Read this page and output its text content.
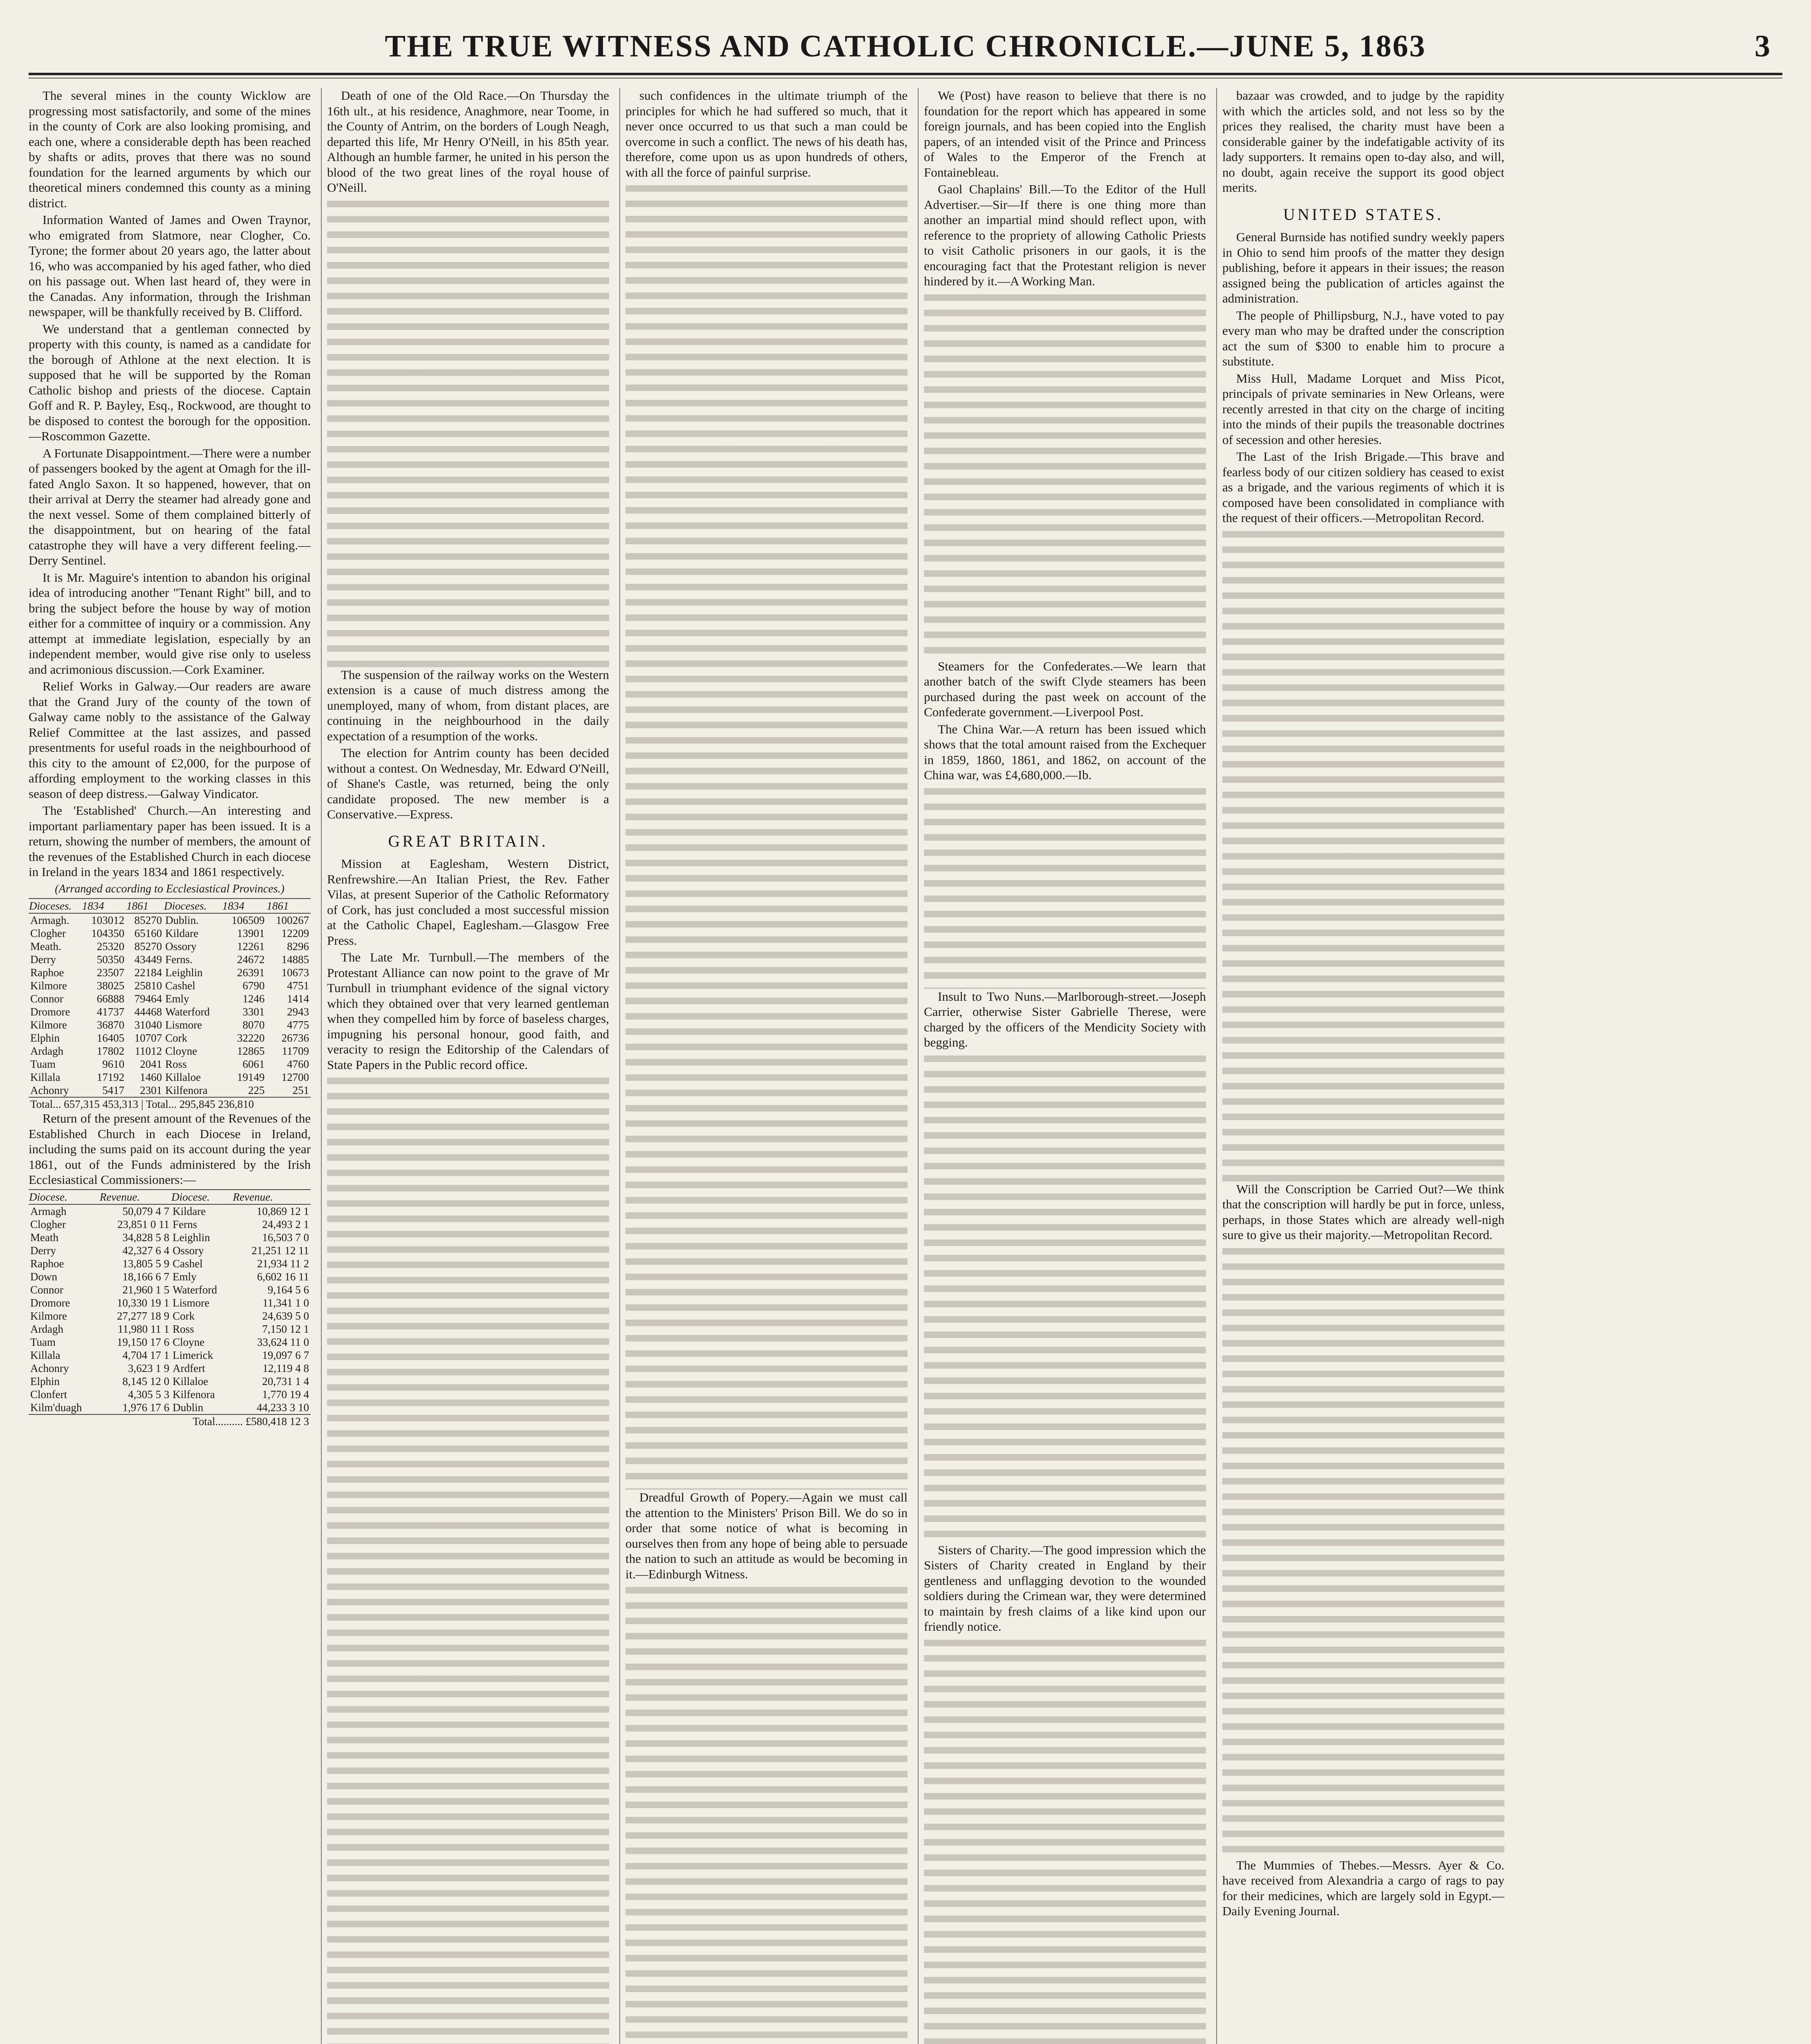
THE TRUE WITNESS AND CATHOLIC CHRONICLE.—JUNE 5, 1863	3

The several mines in the county Wicklow are progressing most satisfactorily, and some of the mines in the county of Cork are also looking promising, and each one, where a considerable depth has been reached by shafts or adits, proves that there was no sound foundation for the learned arguments by which our theoretical miners condemned this county as a mining district.

Information Wanted of James and Owen Traynor, who emigrated from Slatmore, near Clogher, Co. Tyrone; the former about 20 years ago, the latter about 16, who was accompanied by his aged father, who died on his passage out. When last heard of, they were in the Canadas. Any information, through the Irishman newspaper, will be thankfully received by B. Clifford.

We understand that a gentleman connected by property with this county, is named as a candidate for the borough of Athlone at the next election. It is supposed that he will be supported by the Roman Catholic bishop and priests of the diocese. Captain Goff and R. P. Bayley, Esq., Rockwood, are thought to be disposed to contest the borough for the opposition.—Roscommon Gazette.

A Fortunate Disappointment.—There were a number of passengers booked by the agent at Omagh for the ill-fated Anglo Saxon. It so happened, however, that on their arrival at Derry the steamer had already gone and the next vessel. Some of them complained bitterly of the disappointment, but on hearing of the fatal catastrophe they will have a very different feeling.—Derry Sentinel.

It is Mr. Maguire's intention to abandon his original idea of introducing another "Tenant Right" bill, and to bring the subject before the house by way of motion either for a committee of inquiry or a commission. Any attempt at immediate legislation, especially by an independent member, would give rise only to useless and acrimonious discussion.—Cork Examiner.

Relief Works in Galway.—Our readers are aware that the Grand Jury of the county of the town of Galway came nobly to the assistance of the Galway Relief Committee at the last assizes, and passed presentments for useful roads in the neighbourhood of this city to the amount of £2,000, for the purpose of affording employment to the working classes in this season of deep distress.—Galway Vindicator.

The 'Established' Church.—An interesting and important parliamentary paper has been issued. It is a return, showing the number of members, the amount of the revenues of the Established Church in each diocese in Ireland in the years 1834 and 1861 respectively.

(Arranged according to Ecclesiastical Provinces.)
Dioceses.	1834	1861	Dioceses.	1834	1861
Armagh.	103012	85270	Dublin.	106509	100267
Clogher	104350	65160	Kildare	13901	12209
Meath.	25320	85270	Ossory	12261	8296
Derry	50350	43449	Ferns.	24672	14885
Raphoe	23507	22184	Leighlin	26391	10673
Kilmore	38025	25810	Cashel	6790	4751
Connor	66888	79464	Emly	1246	1414
Dromore	41737	44468	Waterford	3301	2943
Kilmore	36870	31040	Lismore	8070	4775
Elphin	16405	10707	Cork	32220	26736
Ardagh	17802	11012	Cloyne	12865	11709
Tuam	9610	2041	Ross	6061	4760
Killala	17192	1460	Killaloe	19149	12700
Achonry	5417	2301	Kilfenora	225	251
Total... 657,315 453,313 | Total... 295,845 236,810					

Return of the present amount of the Revenues of the Established Church in each Diocese in Ireland, including the sums paid on its account during the year 1861, out of the Funds administered by the Irish Ecclesiastical Commissioners:—

Diocese.	Revenue.	Diocese.	Revenue.
Armagh	50,079 4 7	Kildare	10,869 12 1
Clogher	23,851 0 11	Ferns	24,493 2 1
Meath	34,828 5 8	Leighlin	16,503 7 0
Derry	42,327 6 4	Ossory	21,251 12 11
Raphoe	13,805 5 9	Cashel	21,934 11 2
Down	18,166 6 7	Emly	6,602 16 11
Connor	21,960 1 5	Waterford	9,164 5 6
Dromore	10,330 19 1	Lismore	11,341 1 0
Kilmore	27,277 18 9	Cork	24,639 5 0
Ardagh	11,980 11 1	Ross	7,150 12 1
Tuam	19,150 17 6	Cloyne	33,624 11 0
Killala	4,704 17 1	Limerick	19,097 6 7
Achonry	3,623 1 9	Ardfert	12,119 4 8
Elphin	8,145 12 0	Killaloe	20,731 1 4
Clonfert	4,305 5 3	Kilfenora	1,770 19 4
Kilm'duagh	1,976 17 6	Dublin	44,233 3 10
Total.......... £580,418 12 3			

Death of one of the Old Race.—On Thursday the 16th ult., at his residence, Anaghmore, near Toome, in the County of Antrim, on the borders of Lough Neagh, departed this life, Mr Henry O'Neill, in his 85th year. Although an humble farmer, he united in his person the blood of the two great lines of the royal house of O'Neill.

The suspension of the railway works on the Western extension is a cause of much distress among the unemployed, many of whom, from distant places, are continuing in the neighbourhood in the daily expectation of a resumption of the works.

The election for Antrim county has been decided without a contest. On Wednesday, Mr. Edward O'Neill, of Shane's Castle, was returned, being the only candidate proposed. The new member is a Conservative.—Express.

GREAT BRITAIN.

Mission at Eaglesham, Western District, Renfrewshire.—An Italian Priest, the Rev. Father Vilas, at present Superior of the Catholic Reformatory of Cork, has just concluded a most successful mission at the Catholic Chapel, Eaglesham.—Glasgow Free Press.

The Late Mr. Turnbull.—The members of the Protestant Alliance can now point to the grave of Mr Turnbull in triumphant evidence of the signal victory which they obtained over that very learned gentleman when they compelled him by force of baseless charges, impugning his personal honour, good faith, and veracity to resign the Editorship of the Calendars of State Papers in the Public record office.

such confidences in the ultimate triumph of the principles for which he had suffered so much, that it never once occurred to us that such a man could be overcome in such a conflict. The news of his death has, therefore, come upon us as upon hundreds of others, with all the force of painful surprise.

Dreadful Growth of Popery.—Again we must call the attention to the Ministers' Prison Bill. We do so in order that some notice of what is becoming in ourselves then from any hope of being able to persuade the nation to such an attitude as would be becoming in it.—Edinburgh Witness.

We (Post) have reason to believe that there is no foundation for the report which has appeared in some foreign journals, and has been copied into the English papers, of an intended visit of the Prince and Princess of Wales to the Emperor of the French at Fontainebleau.

Gaol Chaplains' Bill.—To the Editor of the Hull Advertiser.—Sir—If there is one thing more than another an impartial mind should reflect upon, with reference to the propriety of allowing Catholic Priests to visit Catholic prisoners in our gaols, it is the encouraging fact that the Protestant religion is never hindered by it.—A Working Man.

Steamers for the Confederates.—We learn that another batch of the swift Clyde steamers has been purchased during the past week on account of the Confederate government.—Liverpool Post.

The China War.—A return has been issued which shows that the total amount raised from the Exchequer in 1859, 1860, 1861, and 1862, on account of the China war, was £4,680,000.—Ib.

Insult to Two Nuns.—Marlborough-street.—Joseph Carrier, otherwise Sister Gabrielle Therese, were charged by the officers of the Mendicity Society with begging.

Sisters of Charity.—The good impression which the Sisters of Charity created in England by their gentleness and unflagging devotion to the wounded soldiers during the Crimean war, they were determined to maintain by fresh claims of a like kind upon our friendly notice.

bazaar was crowded, and to judge by the rapidity with which the articles sold, and not less so by the prices they realised, the charity must have been a considerable gainer by the indefatigable activity of its lady supporters. It remains open to-day also, and will, no doubt, again receive the support its good object merits.

UNITED STATES.

General Burnside has notified sundry weekly papers in Ohio to send him proofs of the matter they design publishing, before it appears in their issues; the reason assigned being the publication of articles against the administration.

The people of Phillipsburg, N.J., have voted to pay every man who may be drafted under the conscription act the sum of $300 to enable him to procure a substitute.

Miss Hull, Madame Lorquet and Miss Picot, principals of private seminaries in New Orleans, were recently arrested in that city on the charge of inciting into the minds of their pupils the treasonable doctrines of secession and other heresies.

The Last of the Irish Brigade.—This brave and fearless body of our citizen soldiery has ceased to exist as a brigade, and the various regiments of which it is composed have been consolidated in compliance with the request of their officers.—Metropolitan Record.

Will the Conscription be Carried Out?—We think that the conscription will hardly be put in force, unless, perhaps, in those States which are already well-nigh sure to give us their majority.—Metropolitan Record.

The Mummies of Thebes.—Messrs. Ayer & Co. have received from Alexandria a cargo of rags to pay for their medicines, which are largely sold in Egypt.—Daily Evening Journal.
